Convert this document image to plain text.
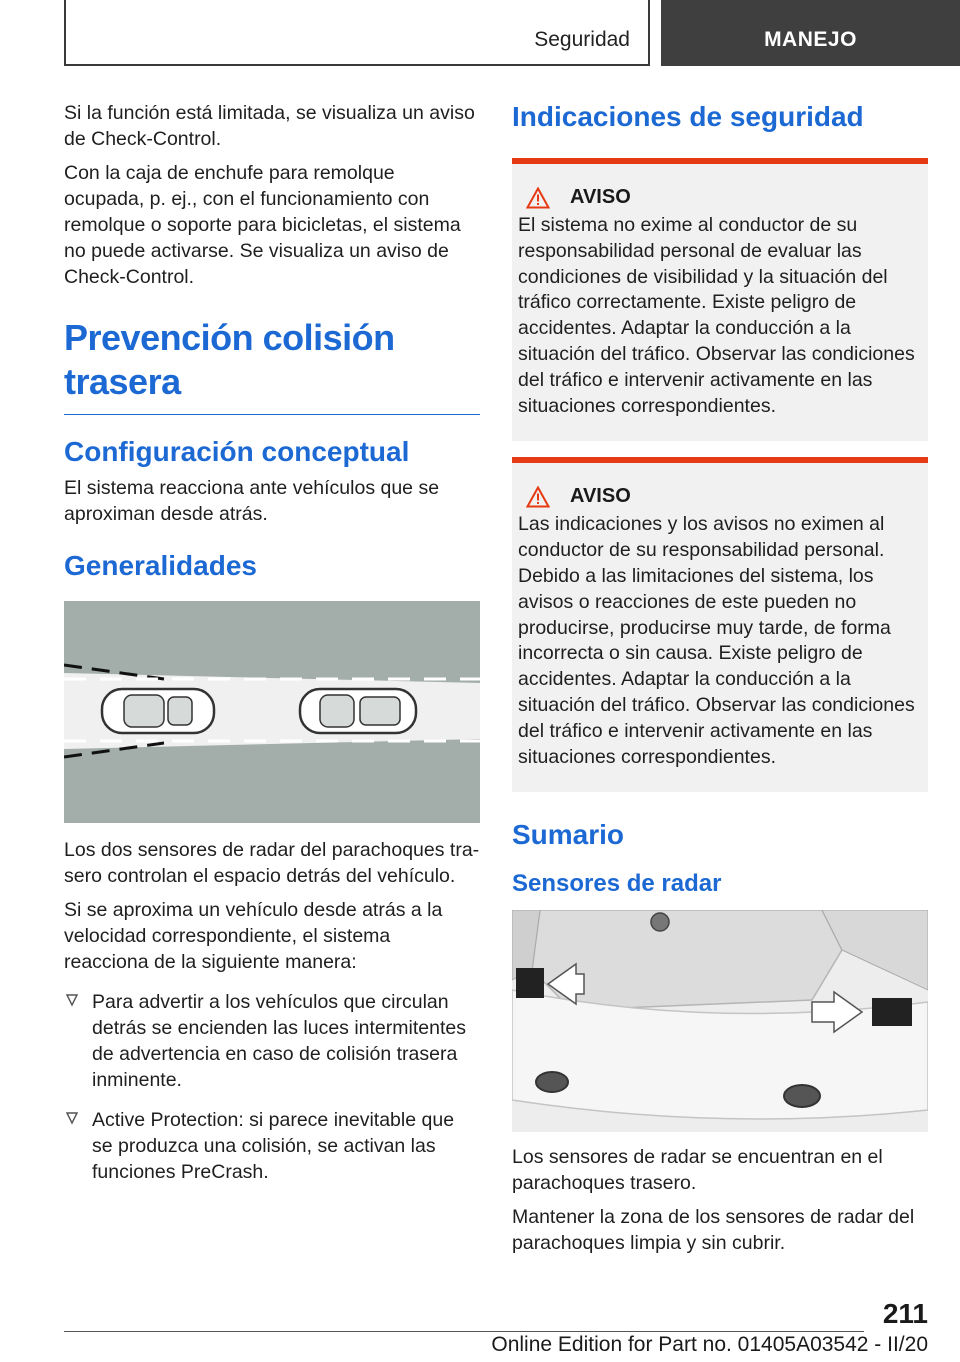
Seguridad	MANEJO

Si la función está limitada, se visualiza un aviso de Check-Control.

Con la caja de enchufe para remolque ocupada, p. ej., con el funcionamiento con remolque o soporte para bicicletas, el sistema no puede activarse. Se visualiza un aviso de Check-Control.

Prevención colisión trasera
Configuración conceptual

El sistema reacciona ante vehículos que se aproximan desde atrás.

Generalidades

Los dos sensores de radar del parachoques trasero controlan el espacio detrás del vehículo.

Si se aproxima un vehículo desde atrás a la velocidad correspondiente, el sistema reacciona de la siguiente manera:

Para advertir a los vehículos que circulan detrás se encienden las luces intermitentes de advertencia en caso de colisión trasera inminente.
Active Protection: si parece inevitable que se produzca una colisión, se activan las funciones PreCrash.
Indicaciones de seguridad
AVISO

El sistema no exime al conductor de su responsabilidad personal de evaluar las condiciones de visibilidad y la situación del tráfico correctamente. Existe peligro de accidentes. Adaptar la conducción a la situación del tráfico. Observar las condiciones del tráfico e intervenir activamente en las situaciones correspondientes.

AVISO

Las indicaciones y los avisos no eximen al conductor de su responsabilidad personal. Debido a las limitaciones del sistema, los avisos o reacciones de este pueden no producirse, producirse muy tarde, de forma incorrecta o sin causa. Existe peligro de accidentes. Adaptar la conducción a la situación del tráfico. Observar las condiciones del tráfico e intervenir activamente en las situaciones correspondientes.

Sumario
Sensores de radar

Los sensores de radar se encuentran en el parachoques trasero.

Mantener la zona de los sensores de radar del parachoques limpia y sin cubrir.

211
Online Edition for Part no. 01405A03542 - II/20
